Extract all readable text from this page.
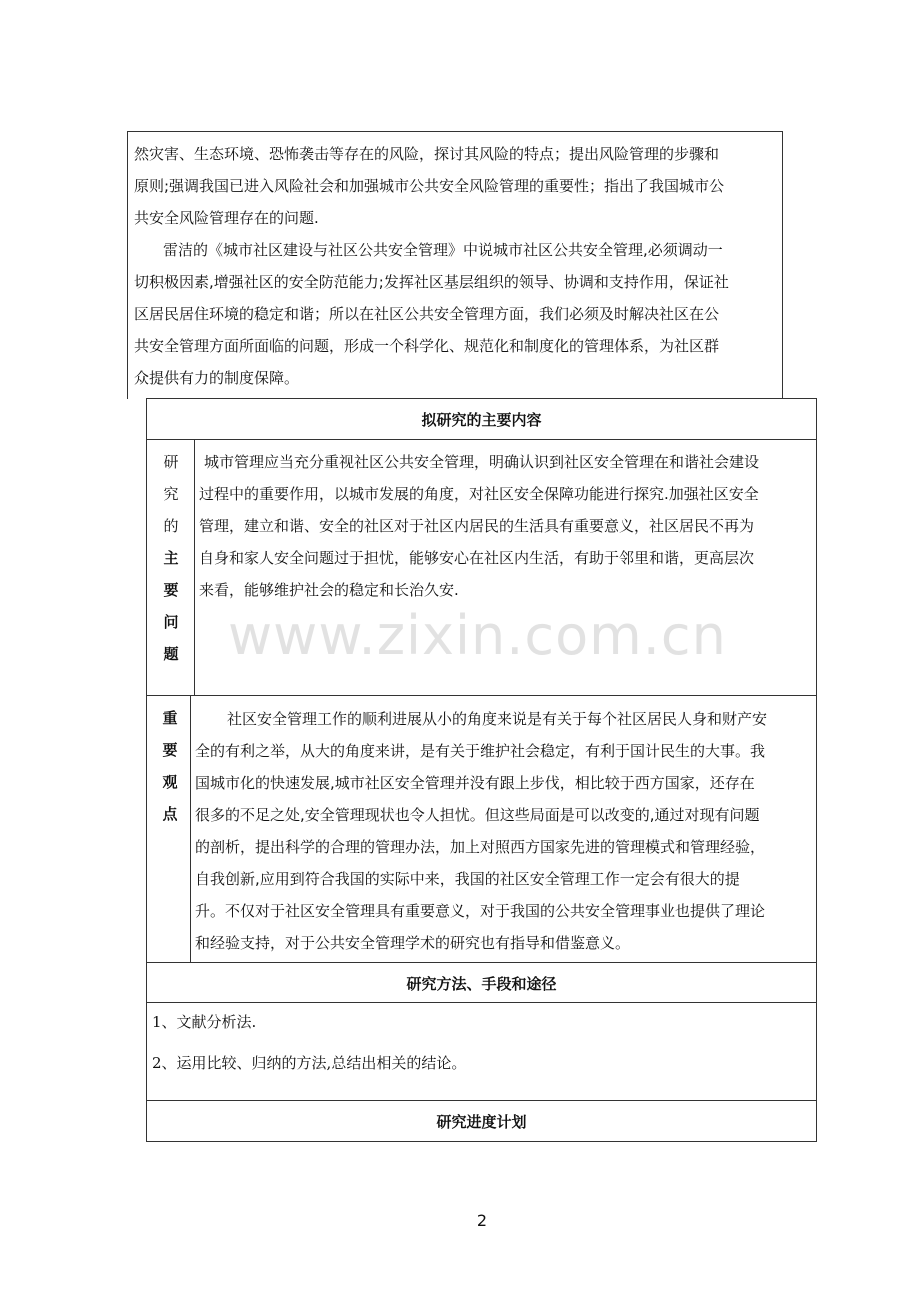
然灾害、生态环境、恐怖袭击等存在的风险，探讨其风险的特点；提出风险管理的步骤和

原则;强调我国已进入风险社会和加强城市公共安全风险管理的重要性；指出了我国城市公

共安全风险管理存在的问题.

雷洁的《城市社区建设与社区公共安全管理》中说城市社区公共安全管理,必须调动一

切积极因素,增强社区的安全防范能力;发挥社区基层组织的领导、协调和支持作用，保证社

区居民居住环境的稳定和谐；所以在社区公共安全管理方面，我们必须及时解决社区在公

共安全管理方面所面临的问题，形成一个科学化、规范化和制度化的管理体系，为社区群

众提供有力的制度保障。

拟研究的主要内容
研
究
的
主
要
问
题

城市管理应当充分重视社区公共安全管理，明确认识到社区安全管理在和谐社会建设

过程中的重要作用，以城市发展的角度，对社区安全保障功能进行探究.加强社区安全

管理，建立和谐、安全的社区对于社区内居民的生活具有重要意义，社区居民不再为

自身和家人安全问题过于担忧，能够安心在社区内生活，有助于邻里和谐，更高层次

来看，能够维护社会的稳定和长治久安.

www.zixin.com.cn
重
要
观
点

社区安全管理工作的顺利进展从小的角度来说是有关于每个社区居民人身和财产安

全的有利之举，从大的角度来讲，是有关于维护社会稳定，有利于国计民生的大事。我

国城市化的快速发展,城市社区安全管理并没有跟上步伐，相比较于西方国家，还存在

很多的不足之处,安全管理现状也令人担忧。但这些局面是可以改变的,通过对现有问题

的剖析，提出科学的合理的管理办法，加上对照西方国家先进的管理模式和管理经验，

自我创新,应用到符合我国的实际中来，我国的社区安全管理工作一定会有很大的提

升。不仅对于社区安全管理具有重要意义，对于我国的公共安全管理事业也提供了理论

和经验支持，对于公共安全管理学术的研究也有指导和借鉴意义。

研究方法、手段和途径

1、文献分析法.

2、运用比较、归纳的方法,总结出相关的结论。

研究进度计划
2
